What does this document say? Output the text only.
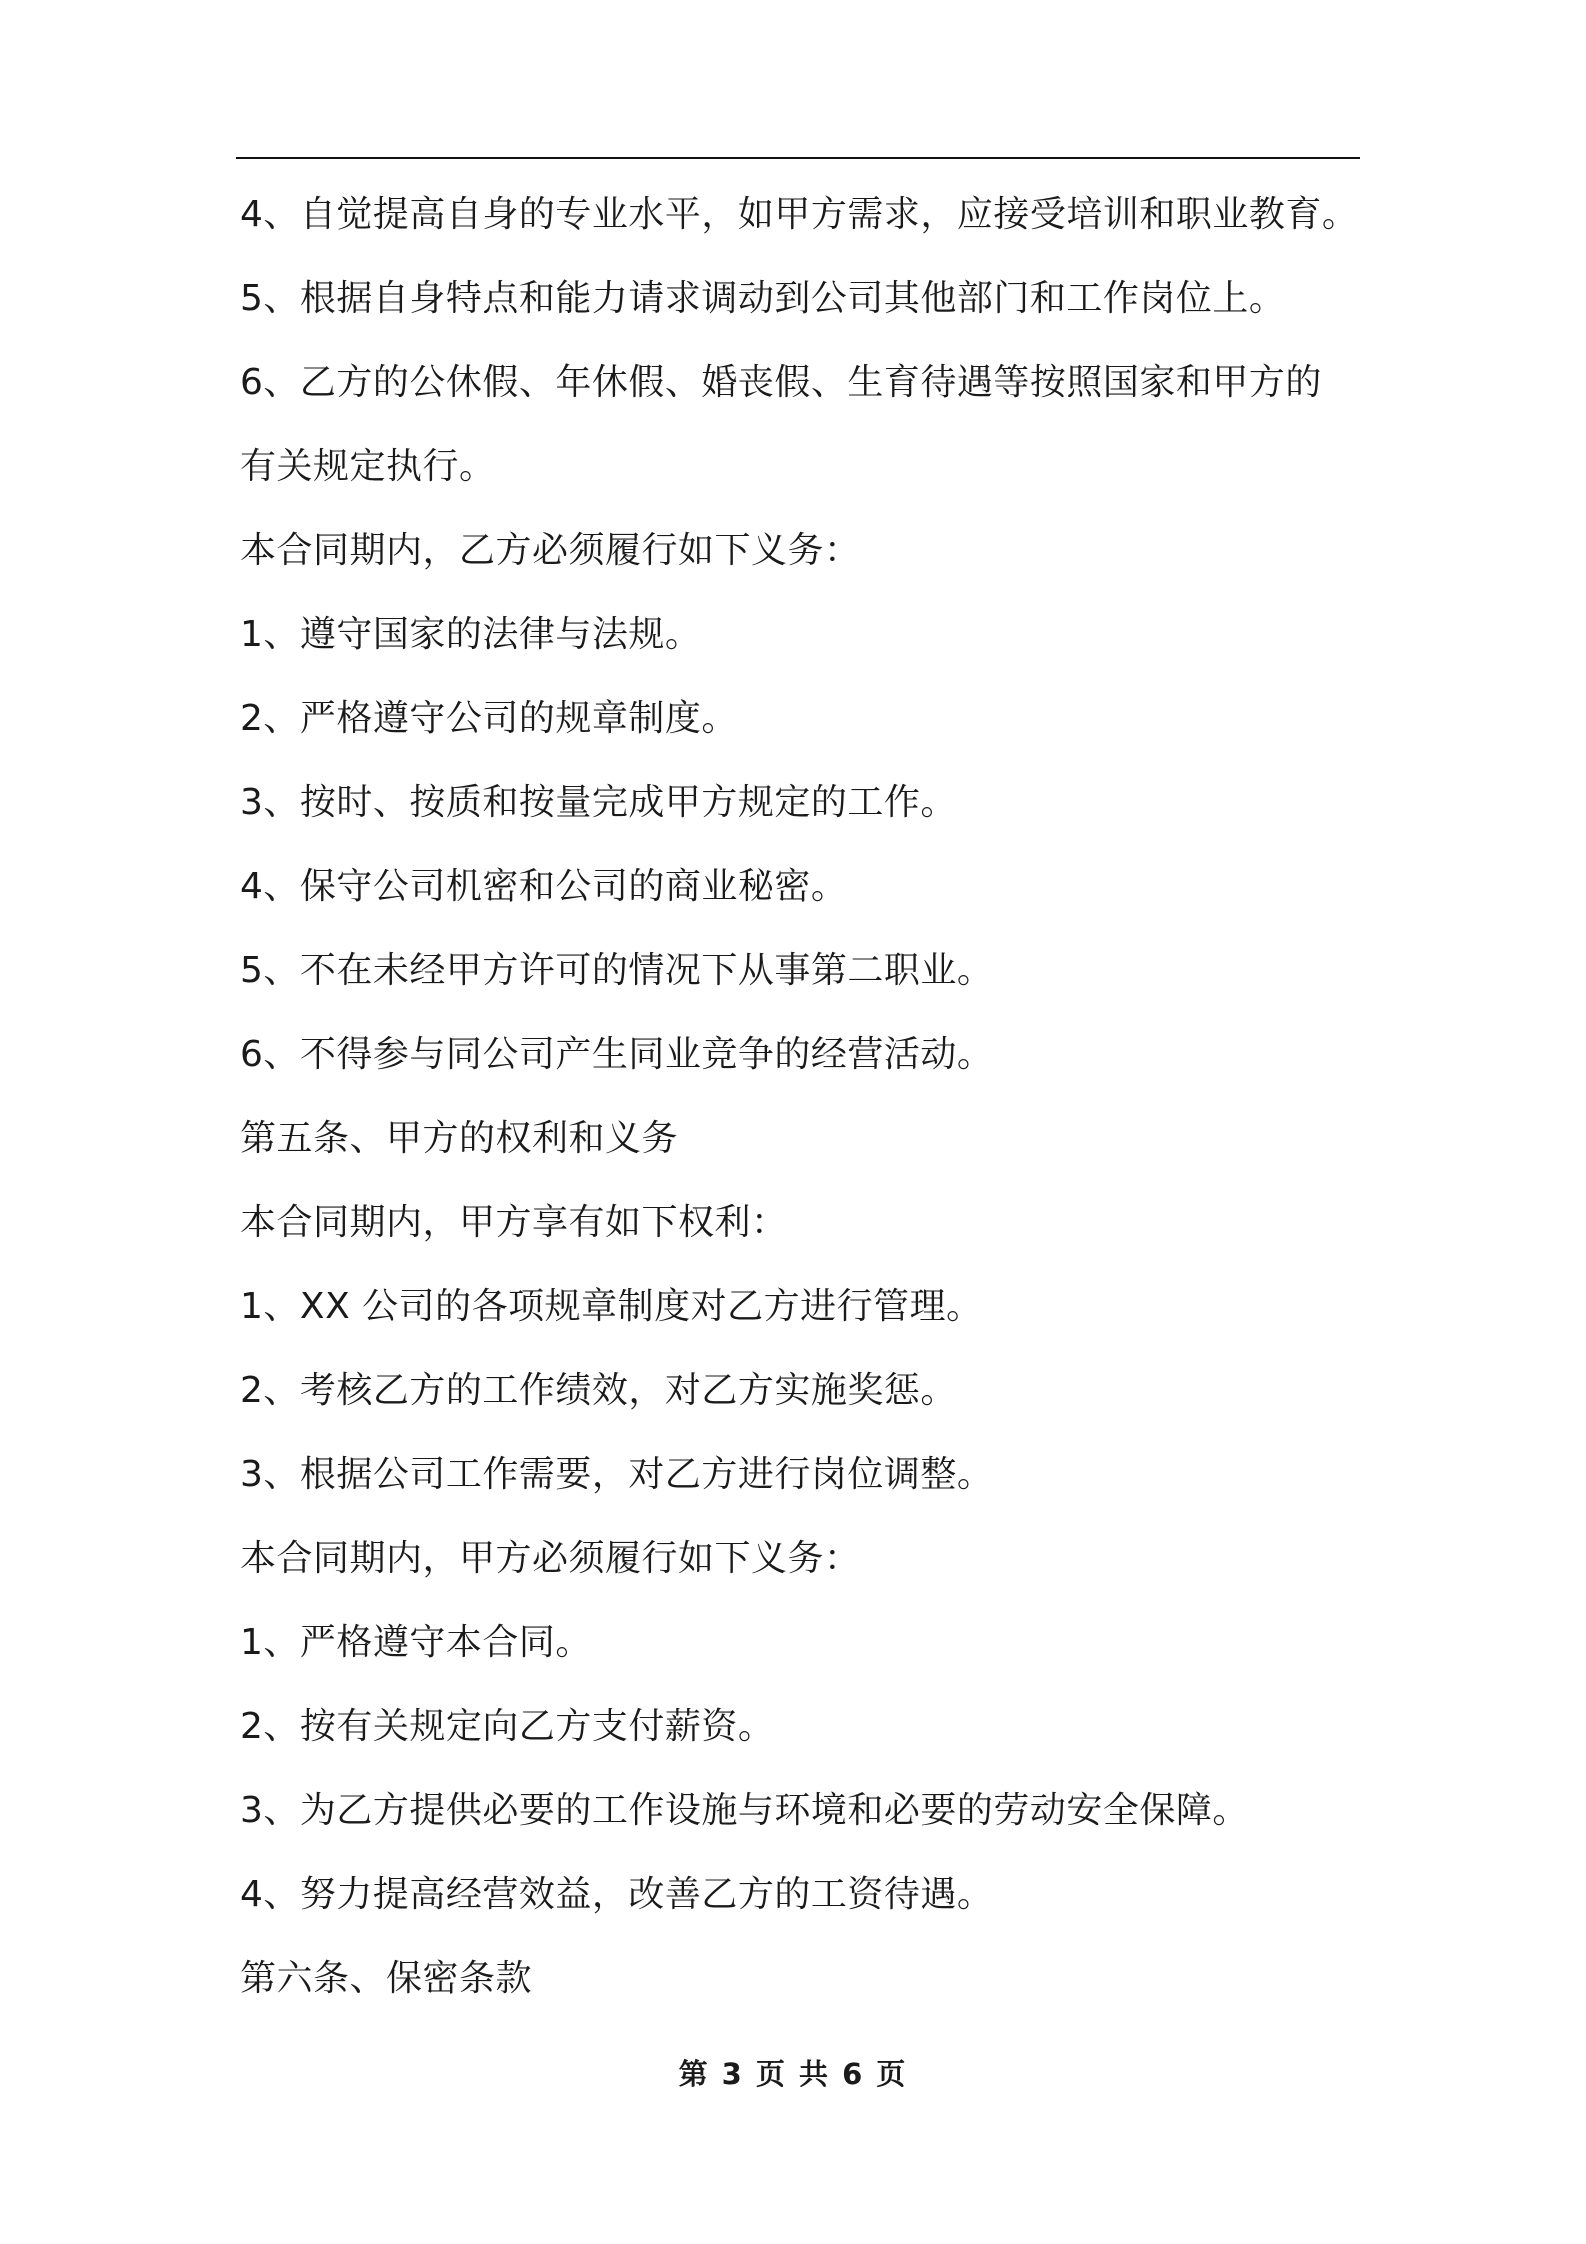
4、自觉提高自身的专业水平，如甲方需求，应接受培训和职业教育。

5、根据自身特点和能力请求调动到公司其他部门和工作岗位上。

6、乙方的公休假、年休假、婚丧假、生育待遇等按照国家和甲方的

有关规定执行。

本合同期内，乙方必须履行如下义务：

1、遵守国家的法律与法规。

2、严格遵守公司的规章制度。

3、按时、按质和按量完成甲方规定的工作。

4、保守公司机密和公司的商业秘密。

5、不在未经甲方许可的情况下从事第二职业。

6、不得参与同公司产生同业竞争的经营活动。

第五条、甲方的权利和义务

本合同期内，甲方享有如下权利：

1、XX 公司的各项规章制度对乙方进行管理。

2、考核乙方的工作绩效，对乙方实施奖惩。

3、根据公司工作需要，对乙方进行岗位调整。

本合同期内，甲方必须履行如下义务：

1、严格遵守本合同。

2、按有关规定向乙方支付薪资。

3、为乙方提供必要的工作设施与环境和必要的劳动安全保障。

4、努力提高经营效益，改善乙方的工资待遇。

第六条、保密条款

第 3 页 共 6 页
